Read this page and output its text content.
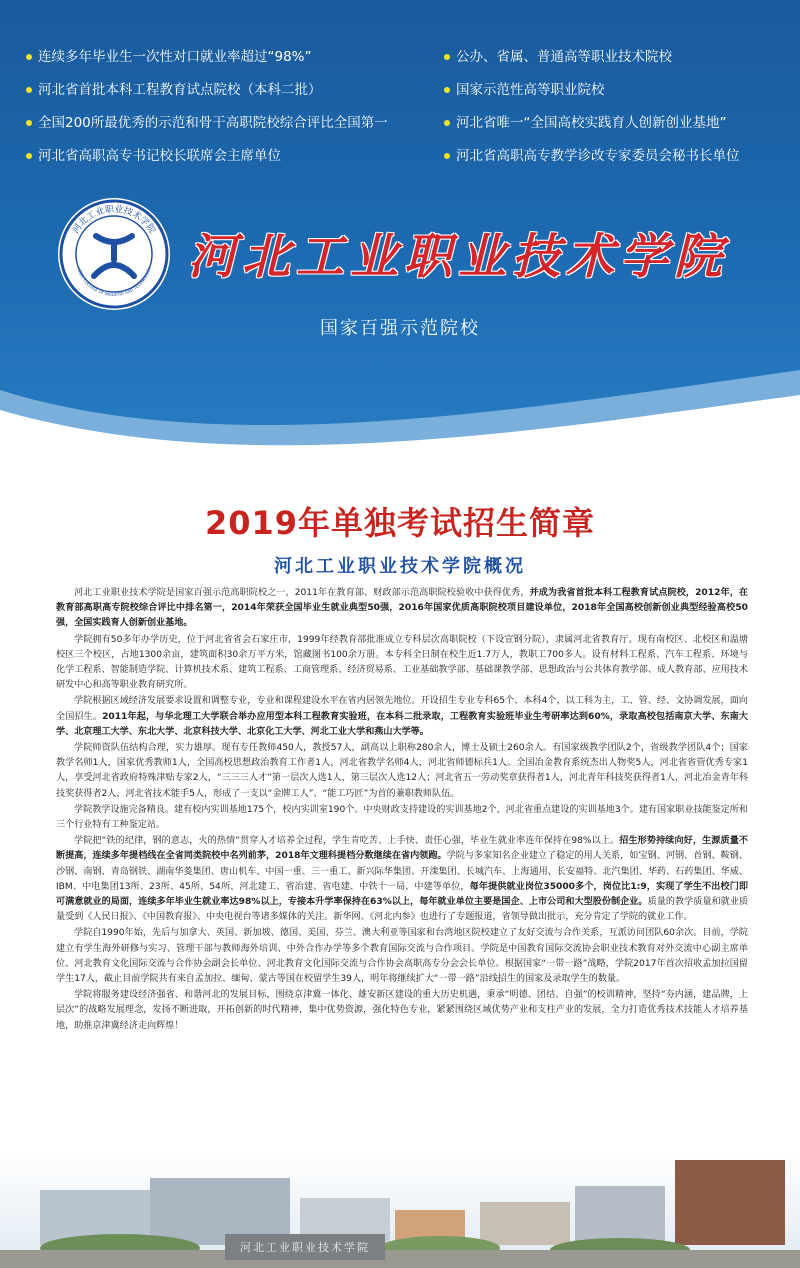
连续多年毕业生一次性对口就业率超过“98%”
河北省首批本科工程教育试点院校（本科二批）
全国200所最优秀的示范和骨干高职院校综合评比全国第一
河北省高职高专书记校长联席会主席单位
公办、省属、普通高等职业技术院校
国家示范性高等职业院校
河北省唯一“全国高校实践育人创新创业基地”
河北省高职高专教学诊改专家委员会秘书长单位
河北工业职业技术学院
HEBEI COLLEGE OF INDUSTRY AND TECHNOLOGY 河北工业职业技术学院
国家百强示范院校
2019年单独考试招生简章
河北工业职业技术学院概况

河北工业职业技术学院是国家百强示范高职院校之一，2011年在教育部、财政部示范高职院校验收中获得优秀，并成为我省首批本科工程教育试点院校，2012年，在教育部高职高专院校综合评比中排名第一，2014年荣获全国毕业生就业典型50强，2016年国家优质高职院校项目建设单位，2018年全国高校创新创业典型经验高校50强，全国实践育人创新创业基地。

学院拥有50多年办学历史，位于河北省省会石家庄市，1999年经教育部批准成立专科层次高职院校（下设宣钢分院），隶属河北省教育厅。现有南校区、北校区和温塘校区三个校区，占地1300余亩，建筑面积30余万平方米，馆藏图书100余万册。本专科全日制在校生近1.7万人，教职工700多人。设有材料工程系、汽车工程系、环境与化学工程系、智能制造学院、计算机技术系、建筑工程系、工商管理系、经济贸易系、工业基础教学部、基础课教学部、思想政治与公共体育教学部、成人教育部、应用技术研发中心和高等职业教育研究所。

学院根据区域经济发展要求设置和调整专业，专业和课程建设水平在省内居领先地位。开设招生专业专科65个、本科4个，以工科为主，工、管、经、文协调发展，面向全国招生。2011年起，与华北理工大学联合举办应用型本科工程教育实验班，在本科二批录取，工程教育实验班毕业生考研率达到60%，录取高校包括南京大学、东南大学、北京理工大学、东北大学、北京科技大学、北京化工大学、河北工业大学和燕山大学等。

学院师资队伍结构合理，实力雄厚。现有专任教师450人，教授57人，副高以上职称280余人，博士及硕士260余人。有国家级教学团队2个，省级教学团队4个；国家教学名师1人，国家优秀教师1人，全国高校思想政治教育工作者1人，河北省教学名师4人，河北省师德标兵1人。全国冶金教育系统杰出人物奖5人，河北省省管优秀专家1人，享受河北省政府特殊津贴专家2人，“三三三人才”第一层次人选1人，第三层次人选12人；河北省五一劳动奖章获得者1人，河北青年科技奖获得者1人，河北冶金青年科技奖获得者2人，河北省技术能手5人，形成了一支以“金牌工人”、“能工巧匠”为首的兼职教师队伍。

学院教学设施完备精良。建有校内实训基地175个，校内实训室190个。中央财政支持建设的实训基地2个，河北省重点建设的实训基地3个。建有国家职业技能鉴定所和三个行业特有工种鉴定站。

学院把“铁的纪律，钢的意志，火的热情”贯穿人才培养全过程，学生肯吃苦、上手快、责任心强，毕业生就业率连年保持在98%以上。招生形势持续向好，生源质量不断提高，连续多年提档线在全省同类院校中名列前茅，2018年文理科提档分数继续在省内领跑。学院与多家知名企业建立了稳定的用人关系，如宝钢、河钢、首钢、鞍钢、沙钢、南钢、青岛钢铁、湖南华菱集团、唐山机车、中国一重、三一重工、新兴际华集团、开滦集团、长城汽车、上海通用、长安福特、北汽集团、华药、石药集团、华威、IBM、中电集团13所、23所、45所、54所、河北建工、省冶建、省电建、中铁十一局、中建等单位，每年提供就业岗位35000多个，岗位比1:9，实现了学生不出校门即可满意就业的局面，连续多年毕业生就业率达98%以上，专接本升学率保持在63%以上，每年就业单位主要是国企、上市公司和大型股份制企业。质量的教学质量和就业质量受到《人民日报》、《中国教育报》、中央电视台等诸多媒体的关注。新华网、《河北内参》也进行了专题报道，省领导做出批示，充分肯定了学院的就业工作。

学院自1990年始，先后与加拿大、英国、新加坡、德国、美国、芬兰、澳大利亚等国家和台湾地区院校建立了友好交流与合作关系，互派访问团队60余次。目前，学院建立有学生海外研修与实习、管理干部与教师海外培训、中外合作办学等多个教育国际交流与合作项目。学院是中国教育国际交流协会职业技术教育对外交流中心副主席单位、河北教育文化国际交流与合作协会副会长单位、河北教育文化国际交流与合作协会高职高专分会会长单位。根据国家“一带一路”战略，学院2017年首次招收孟加拉国留学生17人，截止目前学院共有来自孟加拉、缅甸、蒙古等国在校留学生39人，明年将继续扩大“一带一路”沿线招生的国家及录取学生的数量。

学院将服务建设经济强省、和谐河北的发展目标，围绕京津冀一体化、雄安新区建设的重大历史机遇，秉承“明德、团结、自强”的校训精神，坚持“夯内涵，建品牌，上层次”的战略发展理念，发扬不断进取，开拓创新的时代精神，集中优势资源，强化特色专业，紧紧围绕区域优势产业和支柱产业的发展，全力打造优秀技术技能人才培养基地，助推京津冀经济走向辉煌！

河北工业职业技术学院
